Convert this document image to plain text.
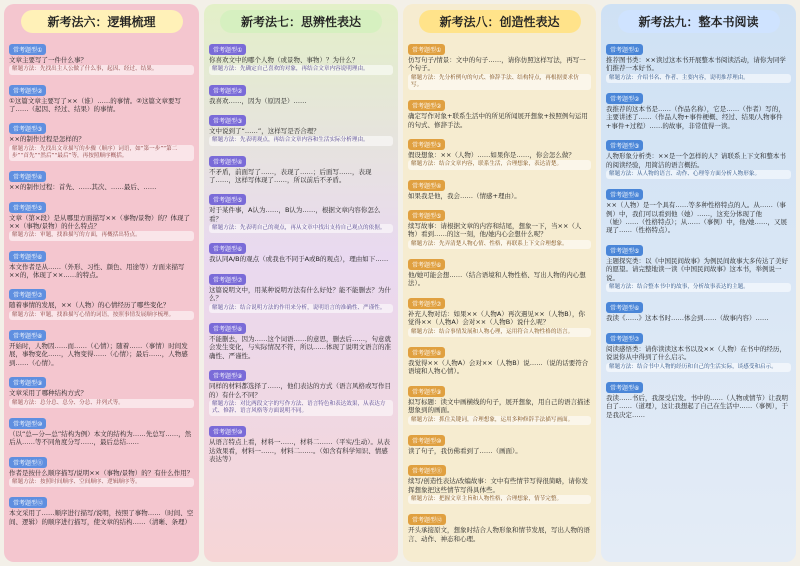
新考法六：逻辑梳理
常考题型①
文章主要写了一件什么事？
解题方法：先找出主人公做了什么事，起因、经过、结果。
常考题型②
①这篇文章主要写了××（谁）……的事情。②这篇文章要写了……（起因、经过、结果）的事情。
常考题型③
××的制作过程是怎样的？
解题方法：先找出文章描写的步骤（顺序）词语，如“第一步”“第二步”“首先”“然后”“最后”等，再按照顺序概括。
常考题型④
××的制作过程：首先、……其次、……最后、……
常考题型⑤
文章（第×段）是从哪里方面描写××（事物/景物）的？体现了××（事物/景物）的什么特点？
解题方法：审题，找准描写的方面，再概括出特点。
常考题型⑥
本文作者是从……（外形、习性、颜色、用途等）方面来描写××的，体现了××……的特点。
常考题型⑦
随着事情的发展，××（人物）的心情经历了哪些变化？
解题方法：审题，找准描写心情的词语，按照事情发展顺序梳理。
常考题型⑧
开始时，人物因……而……（心情）；随着……（事情）时间发展，事物变化……，人物变得……（心情）；最后……，人物感到……（心情）。
常考题型⑨
文章采用了哪种结构方式？
解题方法：总分总、总分、分总、并列式等。
常考题型⑩
（以“总—分—总”结构为例）本文的结构为……先总写……，然后从……等不同角度分写……，最后总结……
常考题型⑪
作者是按什么顺序描写/说明××（事物/景物）的？有什么作用？
解题方法：按照时间顺序、空间顺序、逻辑顺序等。
常考题型⑫
本文采用了……顺序进行描写/说明，按照了事物……（时间、空间、逻辑）的顺序进行描写，使文章的结构……（清晰、条理）
新考法七：思辨性表达
常考题型①
你喜欢文中的哪个人物（或景物、事物）？为什么？
解题方法：先确定自己喜欢的对象，再结合文章内容说明理由。
常考题型②
我喜欢……，因为（原因是）……
常考题型③
文中说到了“……”，这样写是否合理？
解题方法：先表明观点，再结合文章内容和生活实际分析理由。
常考题型④
不矛盾，前面写了……，表现了……；后面写……，表现了……，这样写体现了……，所以前后不矛盾。
常考题型⑤
对于某件事，A认为……，B认为……，根据文章内容你怎么看？
解题方法：先表明自己的观点，再从文章中找出支持自己观点的依据。
常考题型⑥
我认同A/B的观点（或我也不同于A或B的观点），理由如下……
常考题型⑦
这篇说明文中，用某种说明方法有什么好处？能不能删去？为什么？
解题方法：结合说明方法的作用来分析，说明语言的准确性、严谨性。
常考题型⑧
不能删去，因为……这个词语……的意思，删去后……，句意就会发生变化，与实际情况不符，所以……体现了说明文语言的准确性、严谨性。
常考题型⑨
同样的材料都选择了……，他们表达的方式（语言风格或写作目的）有什么不同？
解题方法：对比两段文字的写作方法、语言特色和表达效果，从表达方式、修辞、语言风格等方面说明不同。
常考题型⑩
从语言特点上看，材料一……，材料二……（平实/生动）。从表达效果看，材料一……，材料二……。（如含有科学知识、情感表达等）
新考法八：创造性表达
常考题型①
仿写句子/情景：文中的句子……，请你仿照这样写法，再写一个句子。
解题方法：先分析例句的句式、修辞手法、结构特点，再根据要求仿写。
常考题型②
确定写作对象+联系生活中的所见所闻展开想象+按照例句运用的句式、修辞手法。
常考题型③
假设想象：××（人物）……如果你是……，你会怎么做？
解题方法：结合文章内容，联系生活，合理想象，表达清楚。
常考题型④
如果我是他，我会……（情感+理由）。
常考题型⑤
续写故事：请根据文章的内容和结尾，想象一下，当××（人物）看到……的这一刻，他/她内心会想什么呢？
解题方法：先弄清楚人物心情、性格，再联系上下文合理想象。
常考题型⑥
他/她可能会想……（结合语境和人物性格、写出人物的内心想法）。
常考题型⑦
补充人物对话：如果××（人物A）再次遇见××（人物B），你觉得××（人物A）会对××（人物B）说什么呢？
解题方法：结合事情发展和人物心理，运用符合人物性格的语言。
常考题型⑧
我觉得××（人物A）会对××（人物B）说……（说的话要符合语境和人物心情）。
常考题型⑨
拟写标题：读文中画横线的句子，展开想象，用自己的语言描述想象到的画面。
解题方法：抓住关键词，合理想象，运用多种修辞手法描写画面。
常考题型⑩
读了句子，我仿佛看到了……（画面）。
常考题型⑪
续写/创造性表达/改编故事：文中有些情节写得很简略，请你发挥想象把这些情节写得具体些。
解题方法：把握文章主旨和人物性格，合理想象，情节完整。
常考题型⑫
开头承接原文，想象时结合人物形象和情节发展，写出人物的语言、动作、神态和心理。
新考法九：整本书阅读
常考题型①
推荐图书类：××读过这本书开展整本书阅读活动，请你为同学们推荐一本好书。
解题方法：介绍书名、作者、主要内容，说明推荐理由。
常考题型②
我推荐的这本书是……（作品名称），它是……（作者）写的，主要讲述了……（作品人物+事件梗概、经过、结果/人物事件+事件+过程）……的故事，非常值得一读。
常考题型③
人物形象分析类：××是一个怎样的人？请联系上下文和整本书的阅读经验，用简洁的语言概括。
解题方法：从人物的语言、动作、心理等方面分析人物形象。
常考题型④
××（人物）是一个具有……等多种性格特点的人。从……（事例）中，我们可以看到他（她）……，这充分体现了他（她）……（性格特点）；从……（事例）中，他/她……，又展现了……（性格特点）。
常考题型⑤
主题探究类：以《中国民间故事》为例民间故事大多传达了美好的愿望。请完整地读一读《中国民间故事》这本书，举例说一说。
解题方法：结合整本书中的故事，分析故事表达的主题。
常考题型⑥
我读《……》这本书时……体会到……（故事内容）……
常考题型⑦
阅读感悟类：请你读读这本书以及××（人物）在书中的经历，说说你从中得到了什么启示。
解题方法：结合书中人物的经历和自己的生活实际，谈感受和启示。
常考题型⑧
我读……书后，我深受启发。书中的……（人物或情节）让我明白了……（道理），这让我想起了自己在生活中……（事例），于是我决定……
